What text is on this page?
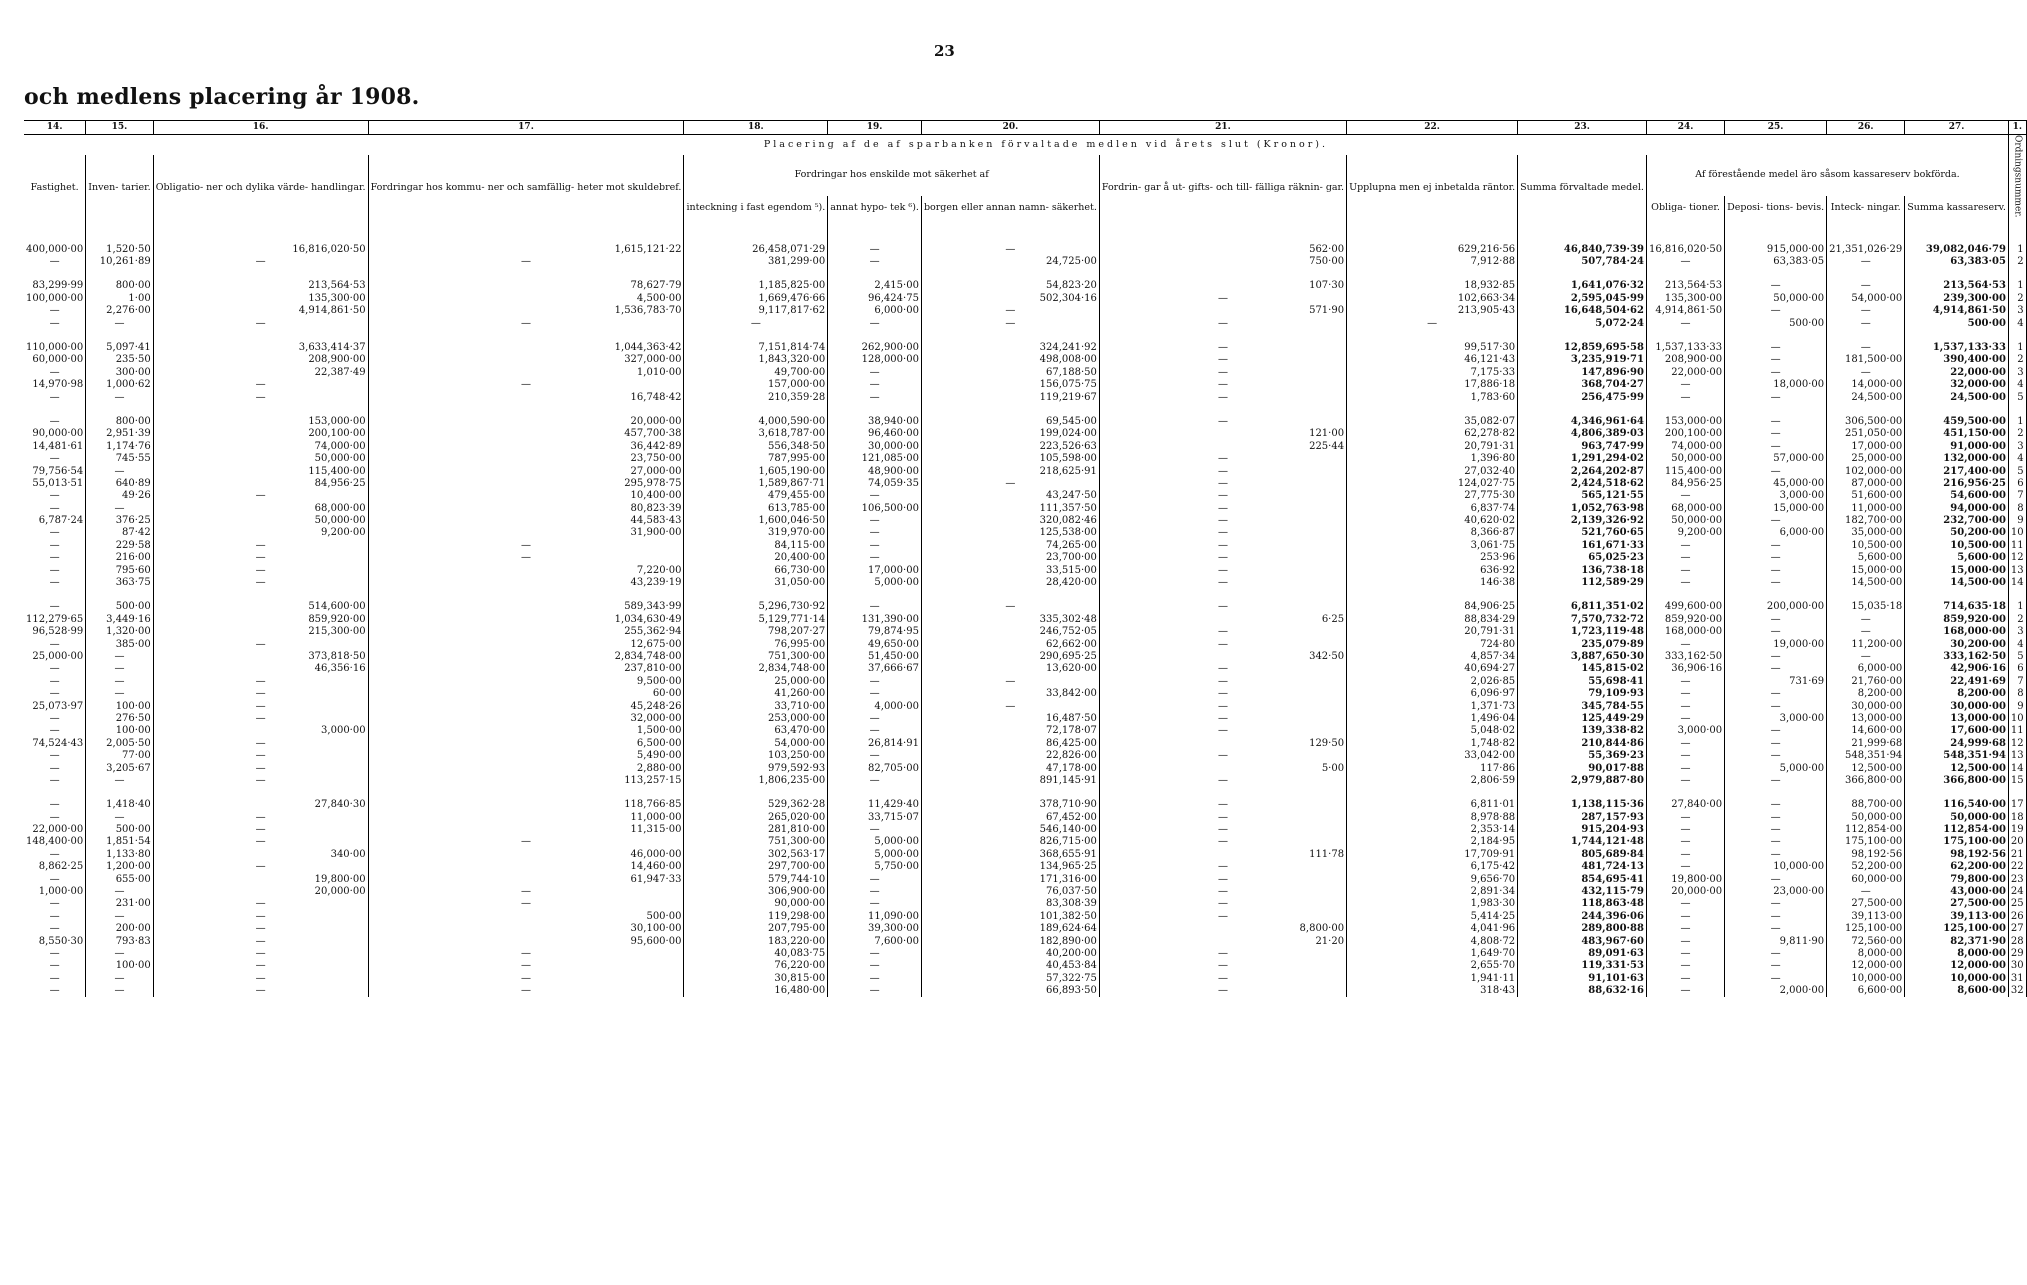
23
och medlens placering år 1908.
14.	15.	16.	17.	18.	19.	20.	21.	22.	23.	24.	25.	26.	27.	1.
Placering af de af sparbanken förvaltade medlen vid årets slut (Kronor).														Ordningsnummer.
Fastighet.	Inven- tarier.	Obligatio- ner och dylika värde- handlingar.	Fordringar hos kommu- ner och samfällig- heter mot skuldebref.	Fordringar hos enskilde mot säkerhet af			Fordrin- gar å ut- gifts- och till- fälliga räknin- gar.	Upplupna men ej inbetalda räntor.	Summa förvaltade medel.	Af förestående medel äro såsom kassareserv bokförda.				
				inteckning i fast egendom ⁵).	annat hypo- tek ⁶).	borgen eller annan namn- säkerhet.				Obliga- tioner.	Deposi- tions- bevis.	Inteck- ningar.	Summa kassareserv.	

400,000·00	1,520·50	16,816,020·50	1,615,121·22	26,458,071·29	—	—	562·00	629,216·56	46,840,739·39	16,816,020·50	915,000·00	21,351,026·29	39,082,046·79	1
—	10,261·89	—	—	381,299·00	—	24,725·00	750·00	7,912·88	507,784·24	—	63,383·05	—	63,383·05	2

83,299·99	800·00	213,564·53	78,627·79	1,185,825·00	2,415·00	54,823·20	107·30	18,932·85	1,641,076·32	213,564·53	—	—	213,564·53	1
100,000·00	1·00	135,300·00	4,500·00	1,669,476·66	96,424·75	502,304·16	—	102,663·34	2,595,045·99	135,300·00	50,000·00	54,000·00	239,300·00	2
—	2,276·00	4,914,861·50	1,536,783·70	9,117,817·62	6,000·00	—	571·90	213,905·43	16,648,504·62	4,914,861·50	—	—	4,914,861·50	3
—	—	—	—	—	—	—	—	—	5,072·24	—	500·00	—	500·00	4

110,000·00	5,097·41	3,633,414·37	1,044,363·42	7,151,814·74	262,900·00	324,241·92	—	99,517·30	12,859,695·58	1,537,133·33	—	—	1,537,133·33	1
60,000·00	235·50	208,900·00	327,000·00	1,843,320·00	128,000·00	498,008·00	—	46,121·43	3,235,919·71	208,900·00	—	181,500·00	390,400·00	2
—	300·00	22,387·49	1,010·00	49,700·00	—	67,188·50	—	7,175·33	147,896·90	22,000·00	—	—	22,000·00	3
14,970·98	1,000·62	—	—	157,000·00	—	156,075·75	—	17,886·18	368,704·27	—	18,000·00	14,000·00	32,000·00	4
—	—	—	16,748·42	210,359·28	—	119,219·67	—	1,783·60	256,475·99	—	—	24,500·00	24,500·00	5

—	800·00	153,000·00	20,000·00	4,000,590·00	38,940·00	69,545·00	—	35,082·07	4,346,961·64	153,000·00	—	306,500·00	459,500·00	1
90,000·00	2,951·39	200,100·00	457,700·38	3,618,787·00	96,460·00	199,024·00	121·00	62,278·82	4,806,389·03	200,100·00	—	251,050·00	451,150·00	2
14,481·61	1,174·76	74,000·00	36,442·89	556,348·50	30,000·00	223,526·63	225·44	20,791·31	963,747·99	74,000·00	—	17,000·00	91,000·00	3
—	745·55	50,000·00	23,750·00	787,995·00	121,085·00	105,598·00	—	1,396·80	1,291,294·02	50,000·00	57,000·00	25,000·00	132,000·00	4
79,756·54	—	115,400·00	27,000·00	1,605,190·00	48,900·00	218,625·91	—	27,032·40	2,264,202·87	115,400·00	—	102,000·00	217,400·00	5
55,013·51	640·89	84,956·25	295,978·75	1,589,867·71	74,059·35	—	—	124,027·75	2,424,518·62	84,956·25	45,000·00	87,000·00	216,956·25	6
—	49·26	—	10,400·00	479,455·00	—	43,247·50	—	27,775·30	565,121·55	—	3,000·00	51,600·00	54,600·00	7
—	—	68,000·00	80,823·39	613,785·00	106,500·00	111,357·50	—	6,837·74	1,052,763·98	68,000·00	15,000·00	11,000·00	94,000·00	8
6,787·24	376·25	50,000·00	44,583·43	1,600,046·50	—	320,082·46	—	40,620·02	2,139,326·92	50,000·00	—	182,700·00	232,700·00	9
—	87·42	9,200·00	31,900·00	319,970·00	—	125,538·00	—	8,366·87	521,760·65	9,200·00	6,000·00	35,000·00	50,200·00	10
—	229·58	—	—	84,115·00	—	74,265·00	—	3,061·75	161,671·33	—	—	10,500·00	10,500·00	11
—	216·00	—	—	20,400·00	—	23,700·00	—	253·96	65,025·23	—	—	5,600·00	5,600·00	12
—	795·60	—	7,220·00	66,730·00	17,000·00	33,515·00	—	636·92	136,738·18	—	—	15,000·00	15,000·00	13
—	363·75	—	43,239·19	31,050·00	5,000·00	28,420·00	—	146·38	112,589·29	—	—	14,500·00	14,500·00	14

—	500·00	514,600·00	589,343·99	5,296,730·92	—	—	—	84,906·25	6,811,351·02	499,600·00	200,000·00	15,035·18	714,635·18	1
112,279·65	3,449·16	859,920·00	1,034,630·49	5,129,771·14	131,390·00	335,302·48	6·25	88,834·29	7,570,732·72	859,920·00	—	—	859,920·00	2
96,528·99	1,320·00	215,300·00	255,362·94	798,207·27	79,874·95	246,752·05	—	20,791·31	1,723,119·48	168,000·00	—	—	168,000·00	3
—	385·00	—	12,675·00	76,995·00	49,650·00	62,662·00	—	724·80	235,079·89	—	19,000·00	11,200·00	30,200·00	4
25,000·00	—	373,818·50	2,834,748·00	751,300·00	51,450·00	290,695·25	342·50	4,857·34	3,887,650·30	333,162·50	—	—	333,162·50	5
—	—	46,356·16	237,810·00	2,834,748·00	37,666·67	13,620·00	—	40,694·27	145,815·02	36,906·16	—	6,000·00	42,906·16	6
—	—	—	9,500·00	25,000·00	—	—	—	2,026·85	55,698·41	—	731·69	21,760·00	22,491·69	7
—	—	—	60·00	41,260·00	—	33,842·00	—	6,096·97	79,109·93	—	—	8,200·00	8,200·00	8
25,073·97	100·00	—	45,248·26	33,710·00	4,000·00	—	—	1,371·73	345,784·55	—	—	30,000·00	30,000·00	9
—	276·50	—	32,000·00	253,000·00	—	16,487·50	—	1,496·04	125,449·29	—	3,000·00	13,000·00	13,000·00	10
—	100·00	3,000·00	1,500·00	63,470·00	—	72,178·07	—	5,048·02	139,338·82	3,000·00	—	14,600·00	17,600·00	11
74,524·43	2,005·50	—	6,500·00	54,000·00	26,814·91	86,425·00	129·50	1,748·82	210,844·86	—	—	21,999·68	24,999·68	12
—	77·00	—	5,490·00	103,250·00	—	22,826·00	—	33,042·00	55,369·23	—	—	548,351·94	548,351·94	13
—	3,205·67	—	2,880·00	979,592·93	82,705·00	47,178·00	5·00	117·86	90,017·88	—	5,000·00	12,500·00	12,500·00	14
—	—	—	113,257·15	1,806,235·00	—	891,145·91	—	2,806·59	2,979,887·80	—	—	366,800·00	366,800·00	15

—	1,418·40	27,840·30	118,766·85	529,362·28	11,429·40	378,710·90	—	6,811·01	1,138,115·36	27,840·00	—	88,700·00	116,540·00	17
—	—	—	11,000·00	265,020·00	33,715·07	67,452·00	—	8,978·88	287,157·93	—	—	50,000·00	50,000·00	18
22,000·00	500·00	—	11,315·00	281,810·00	—	546,140·00	—	2,353·14	915,204·93	—	—	112,854·00	112,854·00	19
148,400·00	1,851·54	—	—	751,300·00	5,000·00	826,715·00	—	2,184·95	1,744,121·48	—	—	175,100·00	175,100·00	20
—	1,133·80	340·00	46,000·00	302,563·17	5,000·00	368,655·91	111·78	17,709·91	805,689·84	—	—	98,192·56	98,192·56	21
8,862·25	1,200·00	—	14,460·00	297,700·00	5,750·00	134,965·25	—	6,175·42	481,724·13	—	10,000·00	52,200·00	62,200·00	22
—	655·00	19,800·00	61,947·33	579,744·10	—	171,316·00	—	9,656·70	854,695·41	19,800·00	—	60,000·00	79,800·00	23
1,000·00	—	20,000·00	—	306,900·00	—	76,037·50	—	2,891·34	432,115·79	20,000·00	23,000·00	—	43,000·00	24
—	231·00	—	—	90,000·00	—	83,308·39	—	1,983·30	118,863·48	—	—	27,500·00	27,500·00	25
—	—	—	500·00	119,298·00	11,090·00	101,382·50	—	5,414·25	244,396·06	—	—	39,113·00	39,113·00	26
—	200·00	—	30,100·00	207,795·00	39,300·00	189,624·64	8,800·00	4,041·96	289,800·88	—	—	125,100·00	125,100·00	27
8,550·30	793·83	—	95,600·00	183,220·00	7,600·00	182,890·00	21·20	4,808·72	483,967·60	—	9,811·90	72,560·00	82,371·90	28
—	—	—	—	40,083·75	—	40,200·00	—	1,649·70	89,091·63	—	—	8,000·00	8,000·00	29
—	100·00	—	—	76,220·00	—	40,453·84	—	2,655·70	119,331·53	—	—	12,000·00	12,000·00	30
—	—	—	—	30,815·00	—	57,322·75	—	1,941·11	91,101·63	—	—	10,000·00	10,000·00	31
—	—	—	—	16,480·00	—	66,893·50	—	318·43	88,632·16	—	2,000·00	6,600·00	8,600·00	32
